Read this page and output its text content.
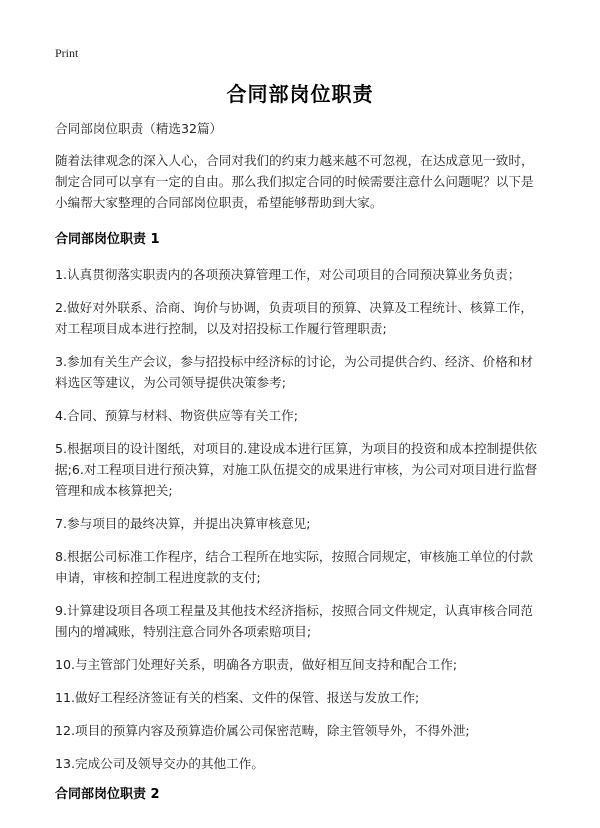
Print
合同部岗位职责

合同部岗位职责（精选32篇）

随着法律观念的深入人心，合同对我们的约束力越来越不可忽视，在达成意见一致时，制定合同可以享有一定的自由。那么我们拟定合同的时候需要注意什么问题呢？以下是小编帮大家整理的合同部岗位职责，希望能够帮助到大家。

合同部岗位职责 1

1.认真贯彻落实职责内的各项预决算管理工作，对公司项目的合同预决算业务负责；

2.做好对外联系、洽商、询价与协调，负责项目的预算、决算及工程统计、核算工作，对工程项目成本进行控制，以及对招投标工作履行管理职责;

3.参加有关生产会议，参与招投标中经济标的讨论，为公司提供合约、经济、价格和材料选区等建议，为公司领导提供决策参考;

4.合同、预算与材料、物资供应等有关工作;

5.根据项目的设计图纸，对项目的.建设成本进行匡算，为项目的投资和成本控制提供依据;6.对工程项目进行预决算，对施工队伍提交的成果进行审核，为公司对项目进行监督管理和成本核算把关;

7.参与项目的最终决算，并提出决算审核意见;

8.根据公司标准工作程序，结合工程所在地实际，按照合同规定，审核施工单位的付款申请，审核和控制工程进度款的支付;

9.计算建设项目各项工程量及其他技术经济指标，按照合同文件规定，认真审核合同范围内的增减账，特别注意合同外各项索赔项目;

10.与主管部门处理好关系，明确各方职责，做好相互间支持和配合工作;

11.做好工程经济签证有关的档案、文件的保管、报送与发放工作;

12.项目的预算内容及预算造价属公司保密范畴，除主管领导外，不得外泄;

13.完成公司及领导交办的其他工作。

合同部岗位职责 2
